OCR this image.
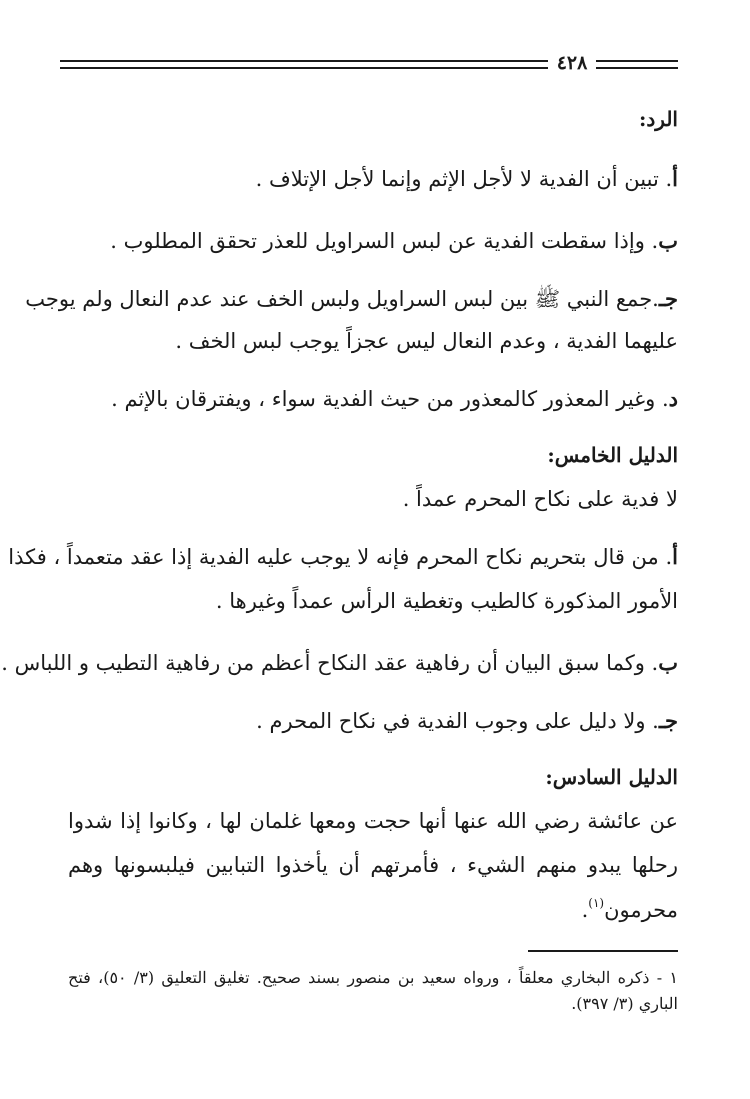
٤٢٨
الرد:
أ. تبين أن الفدية لا لأجل الإثم وإنما لأجل الإتلاف .
ب. وإذا سقطت الفدية عن لبس السراويل للعذر تحقق المطلوب .
جـ.جمع النبي ﷺ بين لبس السراويل ولبس الخف عند عدم النعال ولم يوجب
عليهما الفدية ، وعدم النعال ليس عجزاً يوجب لبس الخف .
د. وغير المعذور كالمعذور من حيث الفدية سواء ، ويفترقان بالإثم .
الدليل الخامس:
لا فدية على نكاح المحرم عمداً .
أ. من قال بتحريم نكاح المحرم فإنه لا يوجب عليه الفدية إذا عقد متعمداً ، فكذا
الأمور المذكورة كالطيب وتغطية الرأس عمداً وغيرها .
ب. وكما سبق البيان أن رفاهية عقد النكاح أعظم من رفاهية التطيب و اللباس .
جـ. ولا دليل على وجوب الفدية في نكاح المحرم .
الدليل السادس:
عن عائشة رضي الله عنها أنها حجت ومعها غلمان لها ، وكانوا إذا شدوا
رحلها يبدو منهم الشيء ، فأمرتهم أن يأخذوا التبابين فيلبسونها وهم
محرمون$^{(١)}$.
١ - ذكره البخاري معلقاً ، ورواه سعيد بن منصور بسند صحيح. تغليق التعليق (٣/ ٥٠)، فتح
الباري (٣/ ٣٩٧).
